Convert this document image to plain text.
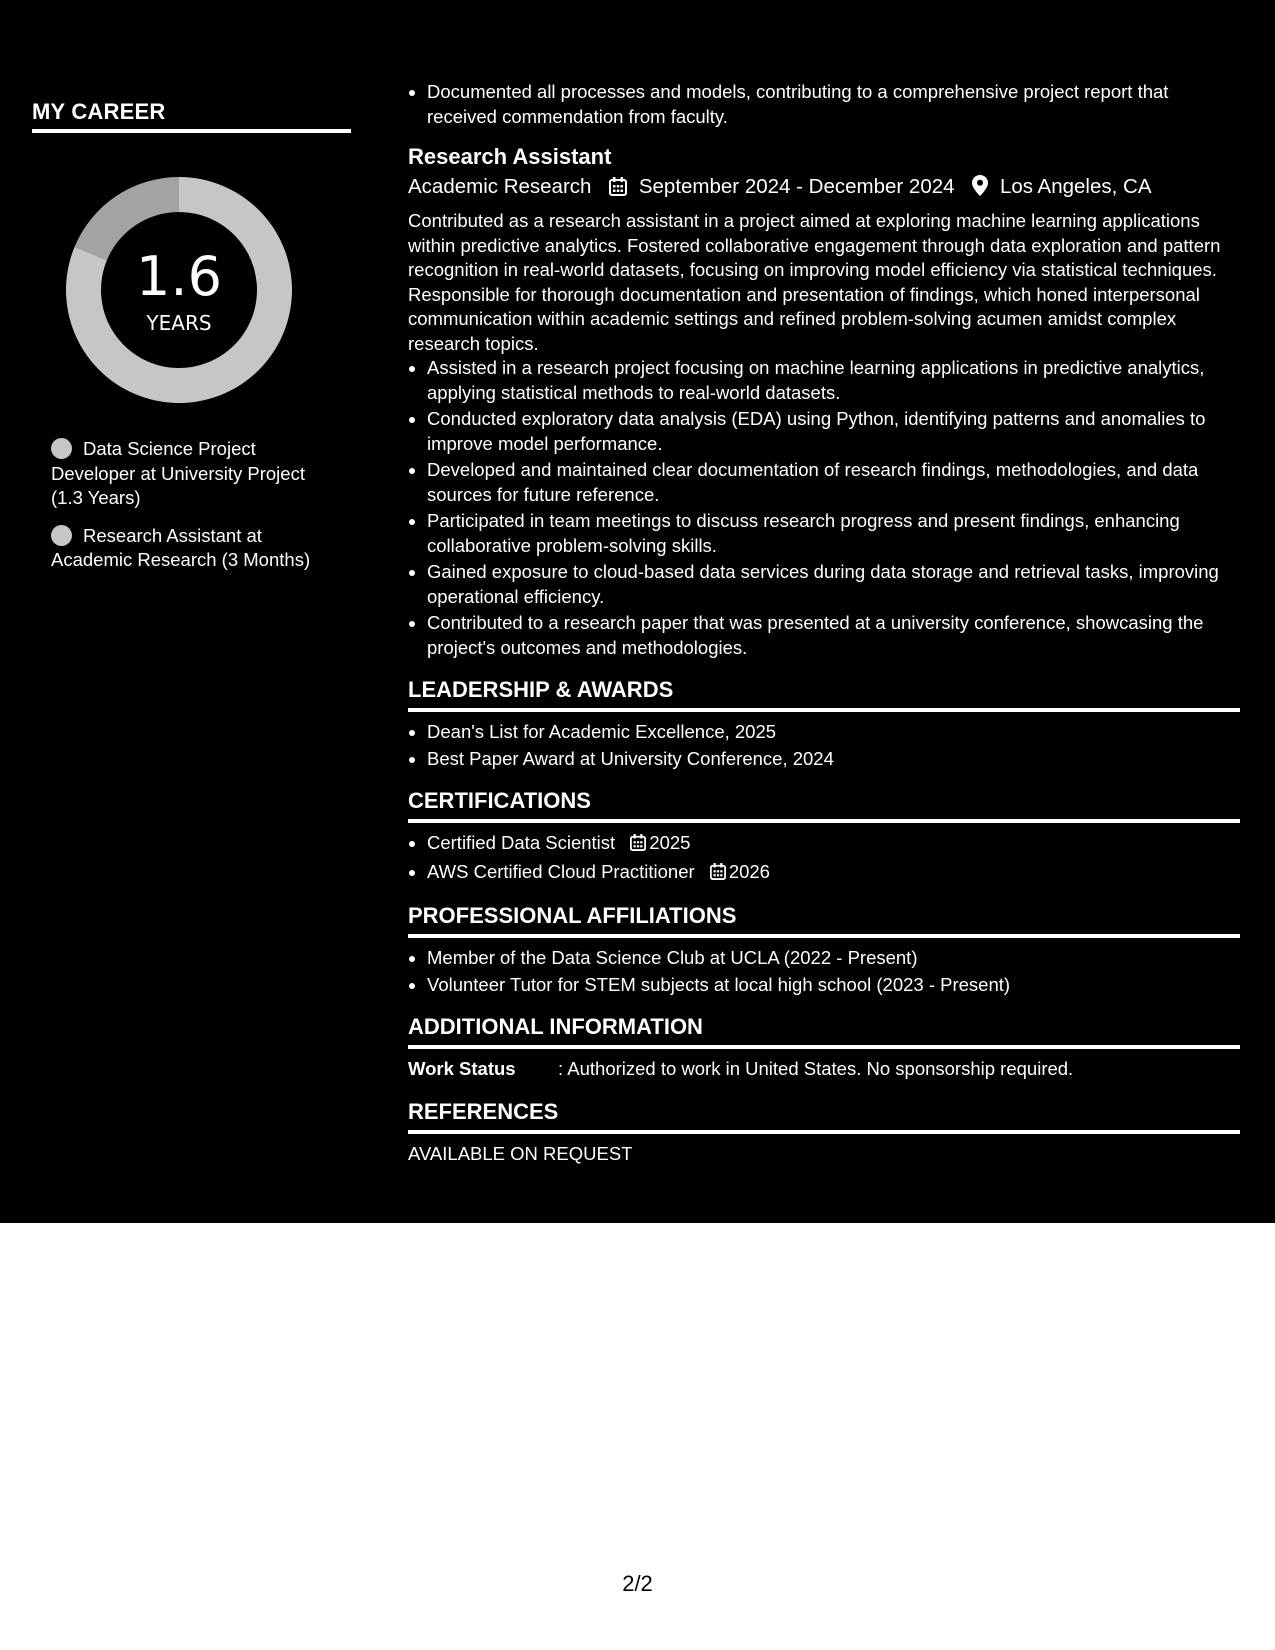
MY CAREER
1.6
YEARS
Data Science Project Developer at University Project (1.3 Years)
Research Assistant at Academic Research (3 Months)
• Documented all processes and models, contributing to a comprehensive project report that received commendation from faculty.
Research Assistant
Academic Research September 2024 - December 2024 Los Angeles, CA

Contributed as a research assistant in a project aimed at exploring machine learning applications within predictive analytics. Fostered collaborative engagement through data exploration and pattern recognition in real-world datasets, focusing on improving model efficiency via statistical techniques. Responsible for thorough documentation and presentation of findings, which honed interpersonal communication within academic settings and refined problem-solving acumen amidst complex research topics.

• Assisted in a research project focusing on machine learning applications in predictive analytics, applying statistical methods to real-world datasets.
• Conducted exploratory data analysis (EDA) using Python, identifying patterns and anomalies to improve model performance.
• Developed and maintained clear documentation of research findings, methodologies, and data sources for future reference.
• Participated in team meetings to discuss research progress and present findings, enhancing collaborative problem-solving skills.
• Gained exposure to cloud-based data services during data storage and retrieval tasks, improving operational efficiency.
• Contributed to a research paper that was presented at a university conference, showcasing the project's outcomes and methodologies.
LEADERSHIP & AWARDS
• Dean's List for Academic Excellence, 2025
• Best Paper Award at University Conference, 2024
CERTIFICATIONS
• Certified Data Scientist 2025
• AWS Certified Cloud Practitioner 2026
PROFESSIONAL AFFILIATIONS
• Member of the Data Science Club at UCLA (2022 - Present)
• Volunteer Tutor for STEM subjects at local high school (2023 - Present)
ADDITIONAL INFORMATION
Work Status	: Authorized to work in United States. No sponsorship required.
REFERENCES
AVAILABLE ON REQUEST
2/2
